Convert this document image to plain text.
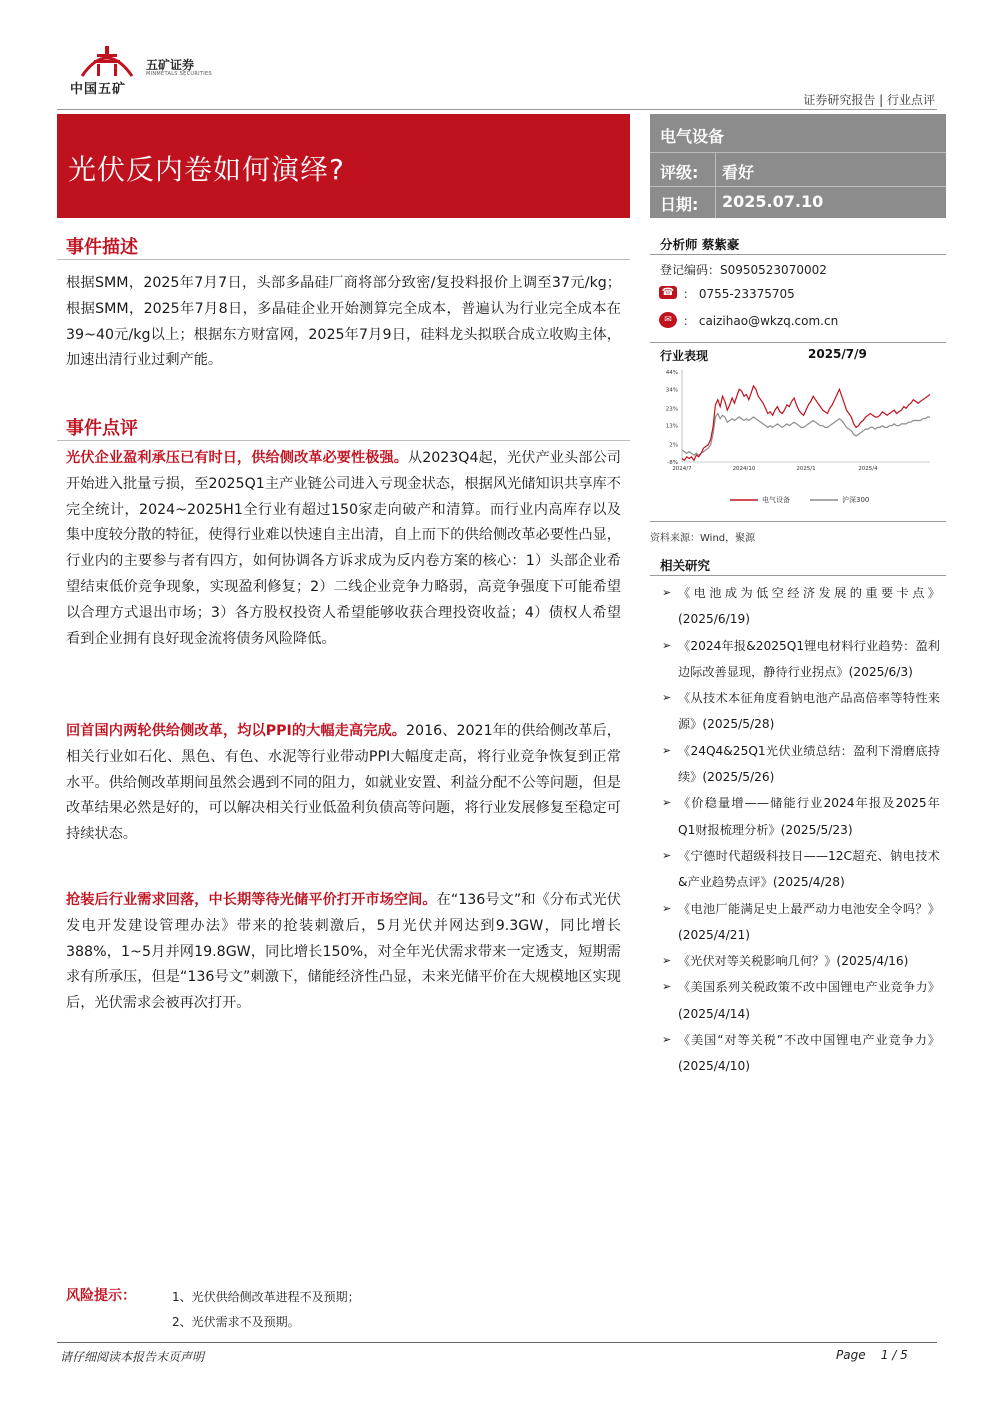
中国五矿
五矿证券
MINMETALS SECURITIES
证券研究报告 | 行业点评
光伏反内卷如何演绎?
电气设备
评级: 看好
日期: 2025.07.10
事件描述
根据SMM，2025年7月7日，头部多晶硅厂商将部分致密/复投料报价上调至37元/kg；根据SMM，2025年7月8日，多晶硅企业开始测算完全成本，普遍认为行业完全成本在39~40元/kg以上；根据东方财富网，2025年7月9日，硅料龙头拟联合成立收购主体，加速出清行业过剩产能。
事件点评
光伏企业盈利承压已有时日，供给侧改革必要性极强。从2023Q4起，光伏产业头部公司开始进入批量亏损，至2025Q1主产业链公司进入亏现金状态，根据风光储知识共享库不完全统计，2024~2025H1全行业有超过150家走向破产和清算。而行业内高库存以及集中度较分散的特征，使得行业难以快速自主出清，自上而下的供给侧改革必要性凸显，行业内的主要参与者有四方，如何协调各方诉求成为反内卷方案的核心：1）头部企业希望结束低价竞争现象，实现盈利修复；2）二线企业竞争力略弱，高竞争强度下可能希望以合理方式退出市场；3）各方股权投资人希望能够收获合理投资收益；4）债权人希望看到企业拥有良好现金流将债务风险降低。
回首国内两轮供给侧改革，均以PPI的大幅走高完成。2016、2021年的供给侧改革后，相关行业如石化、黑色、有色、水泥等行业带动PPI大幅度走高，将行业竞争恢复到正常水平。供给侧改革期间虽然会遇到不同的阻力，如就业安置、利益分配不公等问题，但是改革结果必然是好的，可以解决相关行业低盈利负债高等问题，将行业发展修复至稳定可持续状态。
抢装后行业需求回落，中长期等待光储平价打开市场空间。在“136号文”和《分布式光伏发电开发建设管理办法》带来的抢装刺激后，5月光伏并网达到9.3GW，同比增长388%，1~5月并网19.8GW，同比增长150%，对全年光伏需求带来一定透支，短期需求有所承压，但是“136号文”刺激下，储能经济性凸显，未来光储平价在大规模地区实现后，光伏需求会被再次打开。
分析师 蔡紫豪
登记编码：S0950523070002
☎ ： 0755-23375705
✉ ： caizihao@wkzq.com.cn
行业表现	2025/7/9
44%
34%
23%
13%
2%
-8%
2024/7	2024/10	2025/1	2025/4
电气设备	沪深300
资料来源：Wind，聚源
相关研究
➢ 《电池成为低空经济发展的重要卡点》(2025/6/19)
➢ 《2024年报&2025Q1锂电材料行业趋势：盈利边际改善显现，静待行业拐点》(2025/6/3)
➢ 《从技术本征角度看钠电池产品高倍率等特性来源》(2025/5/28)
➢ 《24Q4&25Q1光伏业绩总结：盈利下滑磨底持续》(2025/5/26)
➢ 《价稳量增——储能行业2024年报及2025年Q1财报梳理分析》(2025/5/23)
➢ 《宁德时代超级科技日——12C超充、钠电技术&产业趋势点评》(2025/4/28)
➢ 《电池厂能满足史上最严动力电池安全令吗？》(2025/4/21)
➢ 《光伏对等关税影响几何？》(2025/4/16)
➢ 《美国系列关税政策不改中国锂电产业竞争力》(2025/4/14)
➢ 《美国“对等关税”不改中国锂电产业竞争力》(2025/4/10)
风险提示：	1、光伏供给侧改革进程不及预期；
2、光伏需求不及预期。
请仔细阅读本报告末页声明	Page    1 / 5
